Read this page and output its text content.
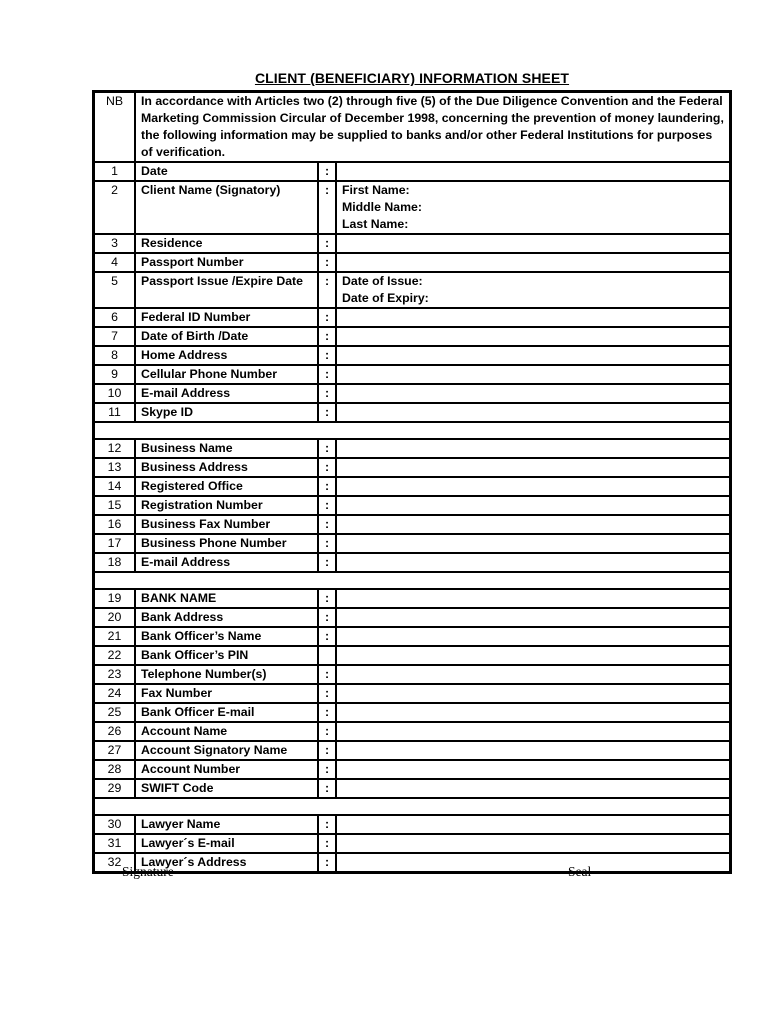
CLIENT (BENEFICIARY) INFORMATION SHEET
NB	In accordance with Articles two (2) through five (5) of the Due Diligence Convention and the Federal Marketing Commission Circular of December 1998, concerning the prevention of money laundering, the following information may be supplied to banks and/or other Federal Institutions for purposes of verification.		
1	Date	:	
2	Client Name (Signatory)	:	First Name:
Middle Name:
Last Name:

3	Residence	:	
4	Passport Number	:	
5	Passport Issue /Expire Date	:	Date of Issue:
Date of Expiry:

6	Federal ID Number	:	
7	Date of Birth /Date	:	
8	Home Address	:	
9	Cellular Phone Number	:	
10	E-mail Address	:	
11	Skype ID	:	

12	Business Name	:	
13	Business Address	:	
14	Registered Office	:	
15	Registration Number	:	
16	Business Fax Number	:	
17	Business Phone Number	:	
18	E-mail Address	:	

19	BANK NAME	:	
20	Bank Address	:	
21	Bank Officer’s Name	:	
22	Bank Officer’s PIN		
23	Telephone Number(s)	:	
24	Fax Number	:	
25	Bank Officer E-mail	:	
26	Account Name	:	
27	Account Signatory Name	:	
28	Account Number	:	
29	SWIFT Code	:	

30	Lawyer Name	:	
31	Lawyer´s E-mail	:	
32	Lawyer´s Address	:	
Signature	Seal
